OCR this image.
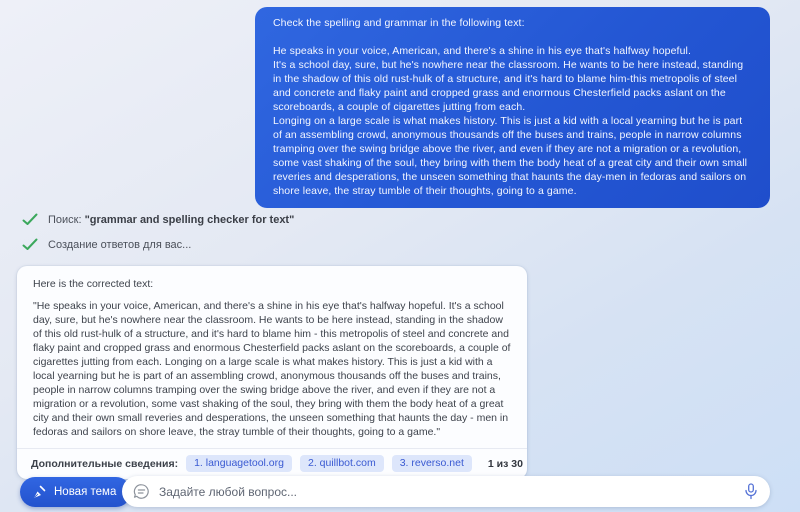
Check the spelling and grammar in the following text:
He speaks in your voice, American, and there's a shine in his eye that's halfway hopeful.
It's a school day, sure, but he's nowhere near the classroom. He wants to be here instead, standing in the shadow of this old rust-hulk of a structure, and it's hard to blame him-this metropolis of steel and concrete and flaky paint and cropped grass and enormous Chesterfield packs aslant on the scoreboards, a couple of cigarettes jutting from each.
Longing on a large scale is what makes history. This is just a kid with a local yearning but he is part of an assembling crowd, anonymous thousands off the buses and trains, people in narrow columns tramping over the swing bridge above the river, and even if they are not a migration or a revolution, some vast shaking of the soul, they bring with them the body heat of a great city and their own small reveries and desperations, the unseen something that haunts the day-men in fedoras and sailors on shore leave, the stray tumble of their thoughts, going to a game.
Поиск: "grammar and spelling checker for text"
Создание ответов для вас...
Here is the corrected text:
"He speaks in your voice, American, and there's a shine in his eye that's halfway hopeful. It's a school day, sure, but he's nowhere near the classroom. He wants to be here instead, standing in the shadow of this old rust-hulk of a structure, and it's hard to blame him - this metropolis of steel and concrete and flaky paint and cropped grass and enormous Chesterfield packs aslant on the scoreboards, a couple of cigarettes jutting from each. Longing on a large scale is what makes history. This is just a kid with a local yearning but he is part of an assembling crowd, anonymous thousands off the buses and trains, people in narrow columns tramping over the swing bridge above the river, and even if they are not a migration or a revolution, some vast shaking of the soul, they bring with them the body heat of a great city and their own small reveries and desperations, the unseen something that haunts the day - men in fedoras and sailors on shore leave, the stray tumble of their thoughts, going to a game."
Дополнительные сведения:	1. languagetool.org	2. quillbot.com	3. reverso.net	1 из 30
Новая тема
Задайте любой вопрос...
